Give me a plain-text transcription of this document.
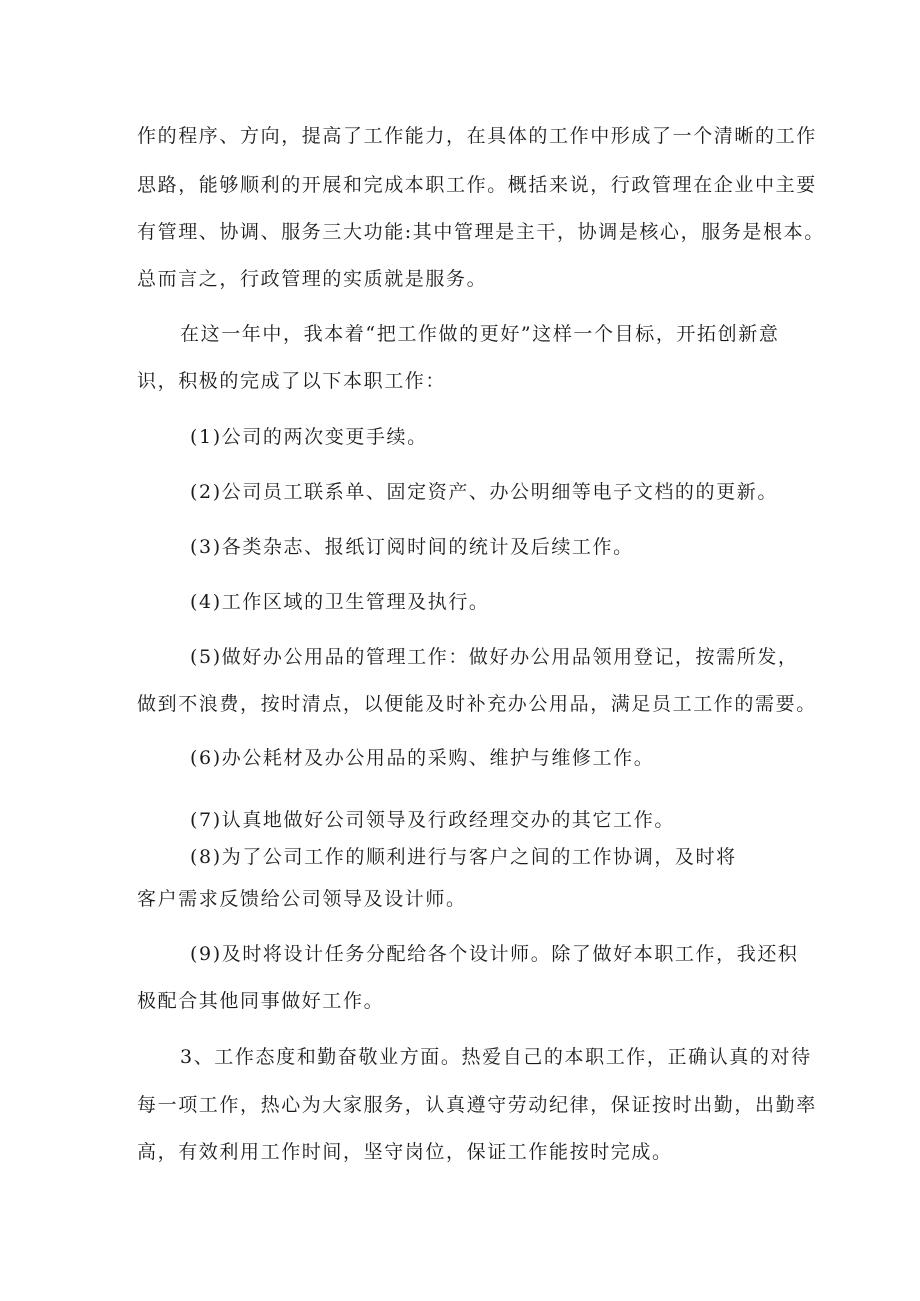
作的程序、方向，提高了工作能力，在具体的工作中形成了一个清晰的工作

思路，能够顺利的开展和完成本职工作。概括来说，行政管理在企业中主要

有管理、协调、服务三大功能:其中管理是主干，协调是核心，服务是根本。

总而言之，行政管理的实质就是服务。

在这一年中，我本着“把工作做的更好”这样一个目标，开拓创新意

识，积极的完成了以下本职工作：

(1)公司的两次变更手续。

(2)公司员工联系单、固定资产、办公明细等电子文档的的更新。

(3)各类杂志、报纸订阅时间的统计及后续工作。

(4)工作区域的卫生管理及执行。

(5)做好办公用品的管理工作：做好办公用品领用登记，按需所发，

做到不浪费，按时清点，以便能及时补充办公用品，满足员工工作的需要。

(6)办公耗材及办公用品的采购、维护与维修工作。

(7)认真地做好公司领导及行政经理交办的其它工作。

(8)为了公司工作的顺利进行与客户之间的工作协调，及时将

客户需求反馈给公司领导及设计师。

(9)及时将设计任务分配给各个设计师。除了做好本职工作，我还积

极配合其他同事做好工作。

3、工作态度和勤奋敬业方面。热爱自己的本职工作，正确认真的对待

每一项工作，热心为大家服务，认真遵守劳动纪律，保证按时出勤，出勤率

高，有效利用工作时间，坚守岗位，保证工作能按时完成。
